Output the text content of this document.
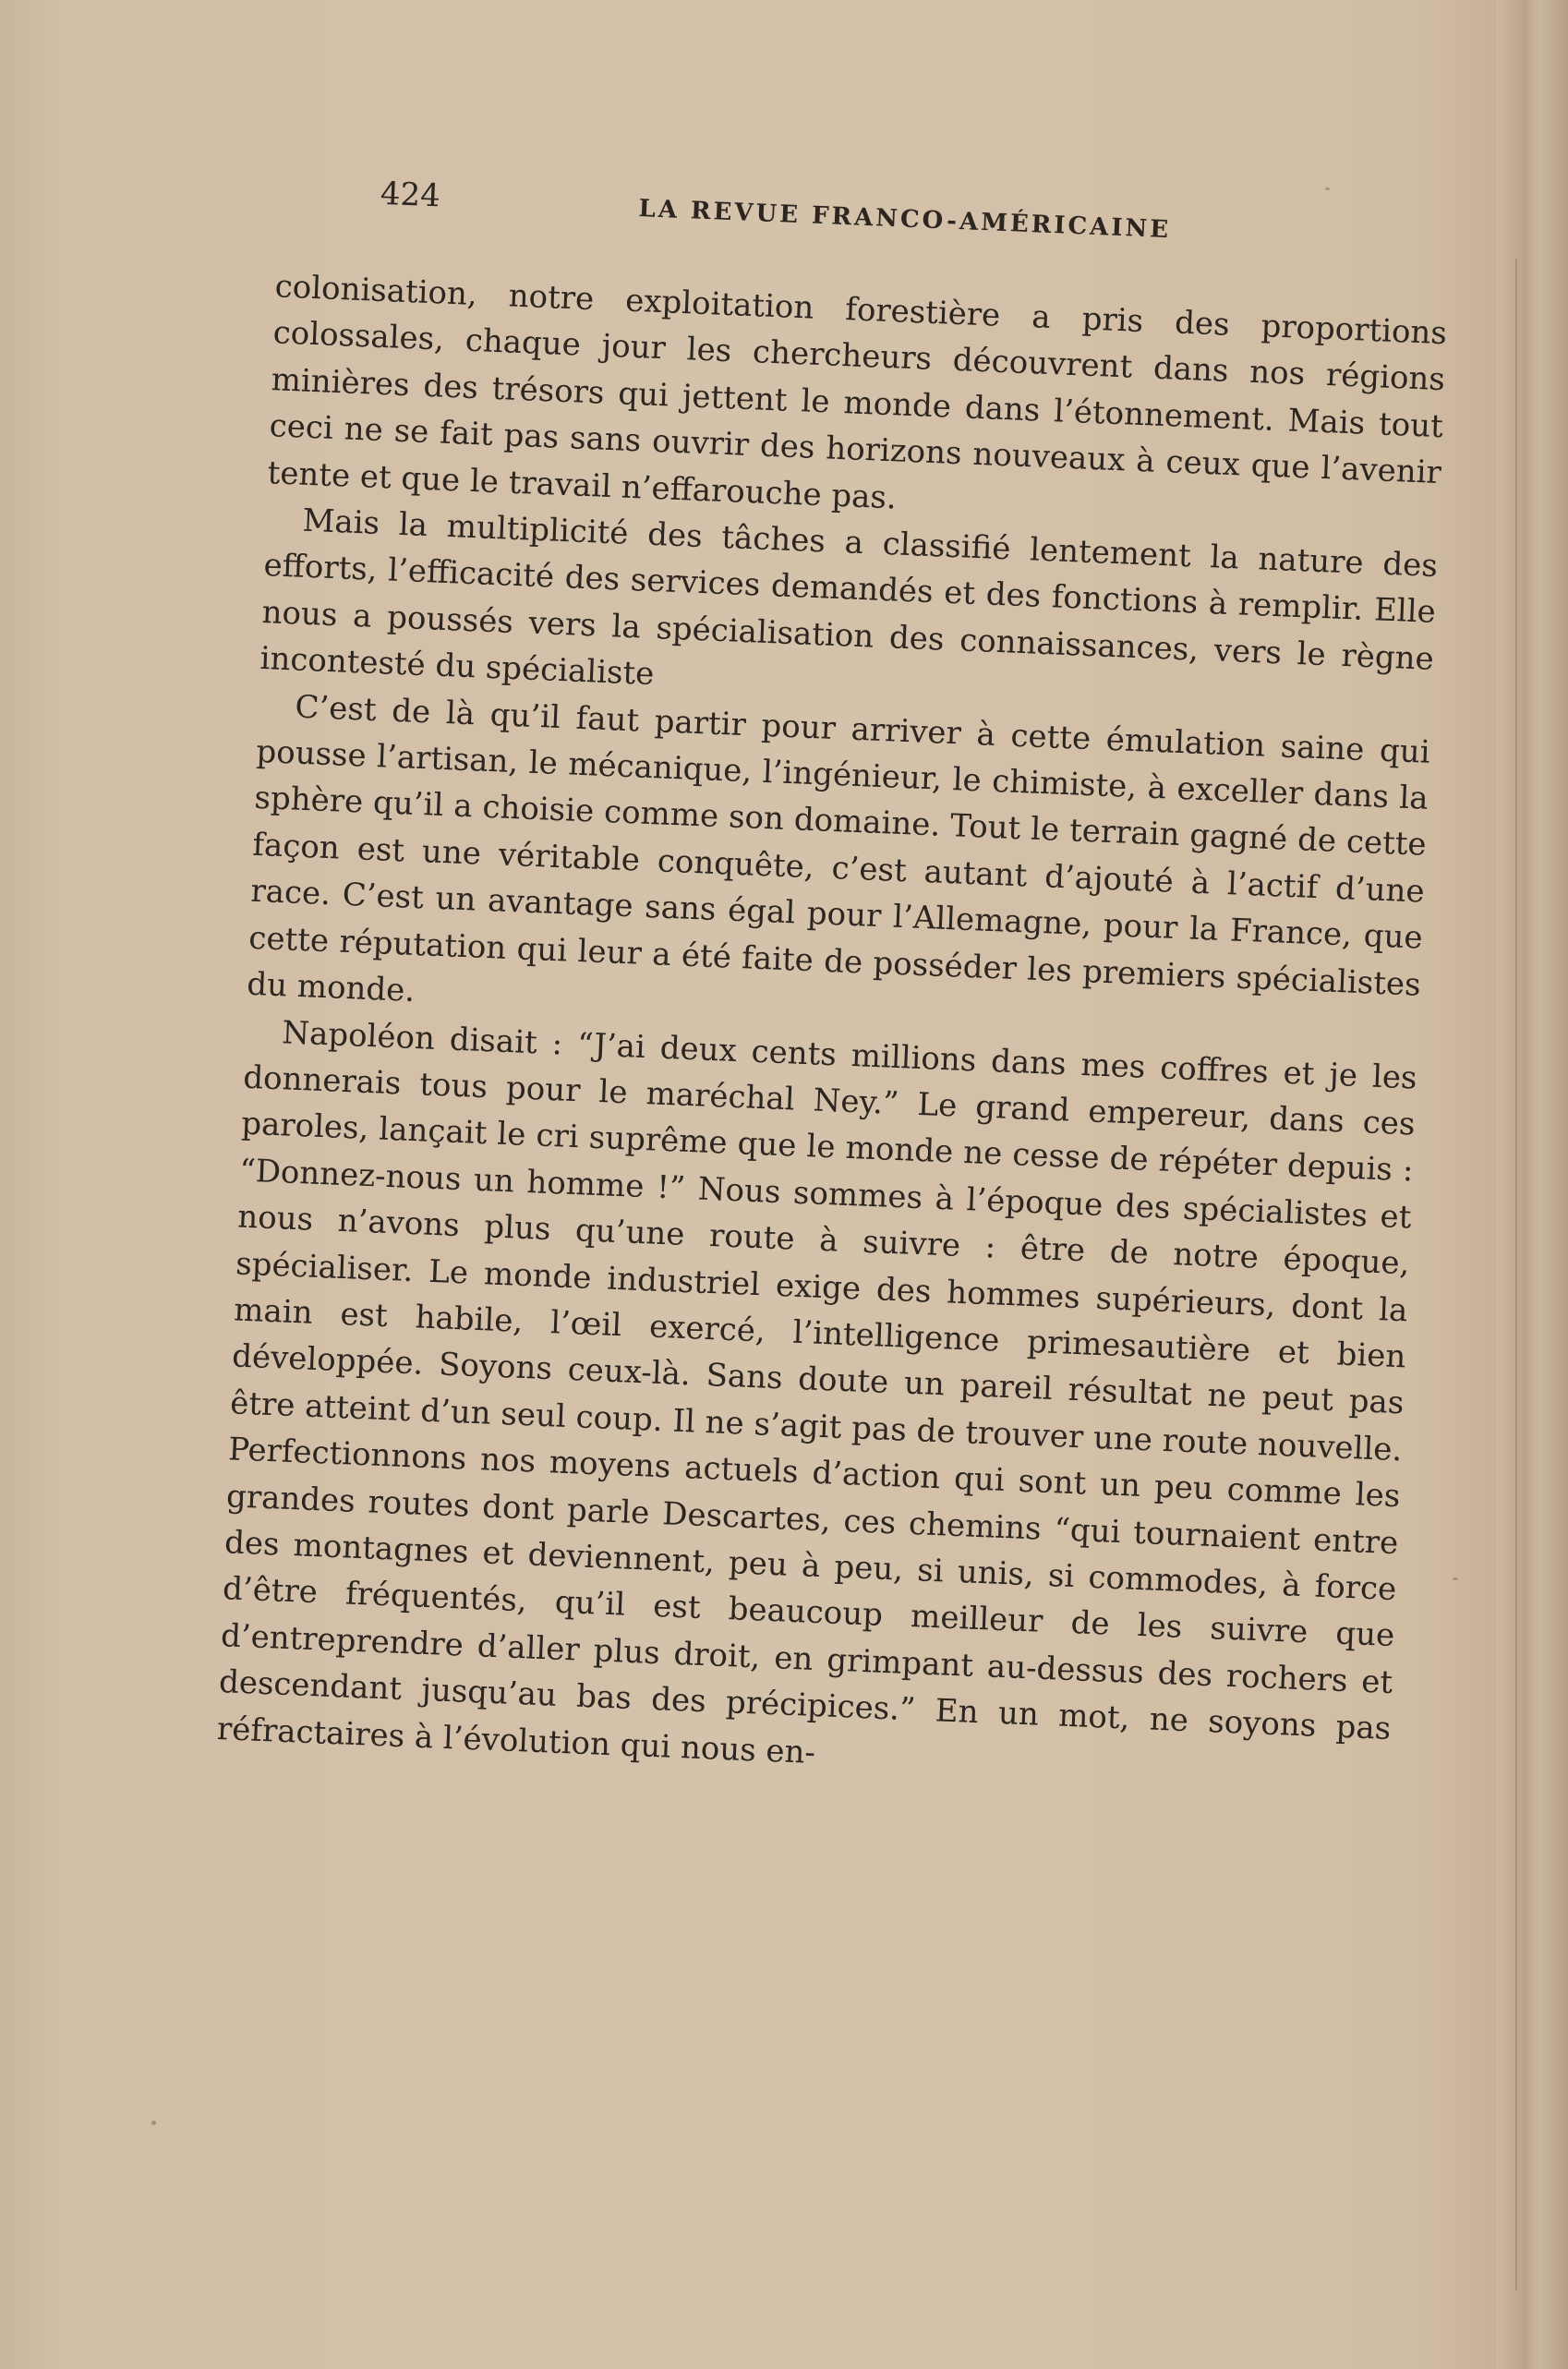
424	LA REVUE FRANCO-AMÉRICAINE

colonisation, notre exploitation forestière a pris des proportions colossales, chaque jour les chercheurs découvrent dans nos régions minières des trésors qui jettent le monde dans l’étonnement. Mais tout ceci ne se fait pas sans ouvrir des horizons nouveaux à ceux que l’avenir tente et que le travail n’effarouche pas.

Mais la multiplicité des tâches a classifié lentement la nature des efforts, l’efficacité des services demandés et des fonctions à remplir. Elle nous a poussés vers la spécialisation des connaissances, vers le règne incontesté du spécialiste

C’est de là qu’il faut partir pour arriver à cette émulation saine qui pousse l’artisan, le mécanique, l’ingénieur, le chimiste, à exceller dans la sphère qu’il a choisie comme son domaine. Tout le terrain gagné de cette façon est une véritable conquête, c’est autant d’ajouté à l’actif d’une race. C’est un avantage sans égal pour l’Allemagne, pour la France, que cette réputation qui leur a été faite de posséder les premiers spécialistes du monde.

Napoléon disait : “J’ai deux cents millions dans mes coffres et je les donnerais tous pour le maréchal Ney.” Le grand empereur, dans ces paroles, lançait le cri suprême que le monde ne cesse de répéter depuis : “Donnez-nous un homme !” Nous sommes à l’époque des spécialistes et nous n’avons plus qu’une route à suivre : être de notre époque, spécialiser. Le monde industriel exige des hommes supérieurs, dont la main est habile, l’œil exercé, l’intelligence primesautière et bien développée. Soyons ceux-là. Sans doute un pareil résultat ne peut pas être atteint d’un seul coup. Il ne s’agit pas de trouver une route nouvelle. Perfectionnons nos moyens actuels d’action qui sont un peu comme les grandes routes dont parle Descartes, ces chemins “qui tournaient entre des montagnes et deviennent, peu à peu, si unis, si commodes, à force d’être fréquentés, qu’il est beaucoup meilleur de les suivre que d’entreprendre d’aller plus droit, en grimpant au-dessus des rochers et descendant jusqu’au bas des précipices.” En un mot, ne soyons pas réfractaires à l’évolution qui nous en-
